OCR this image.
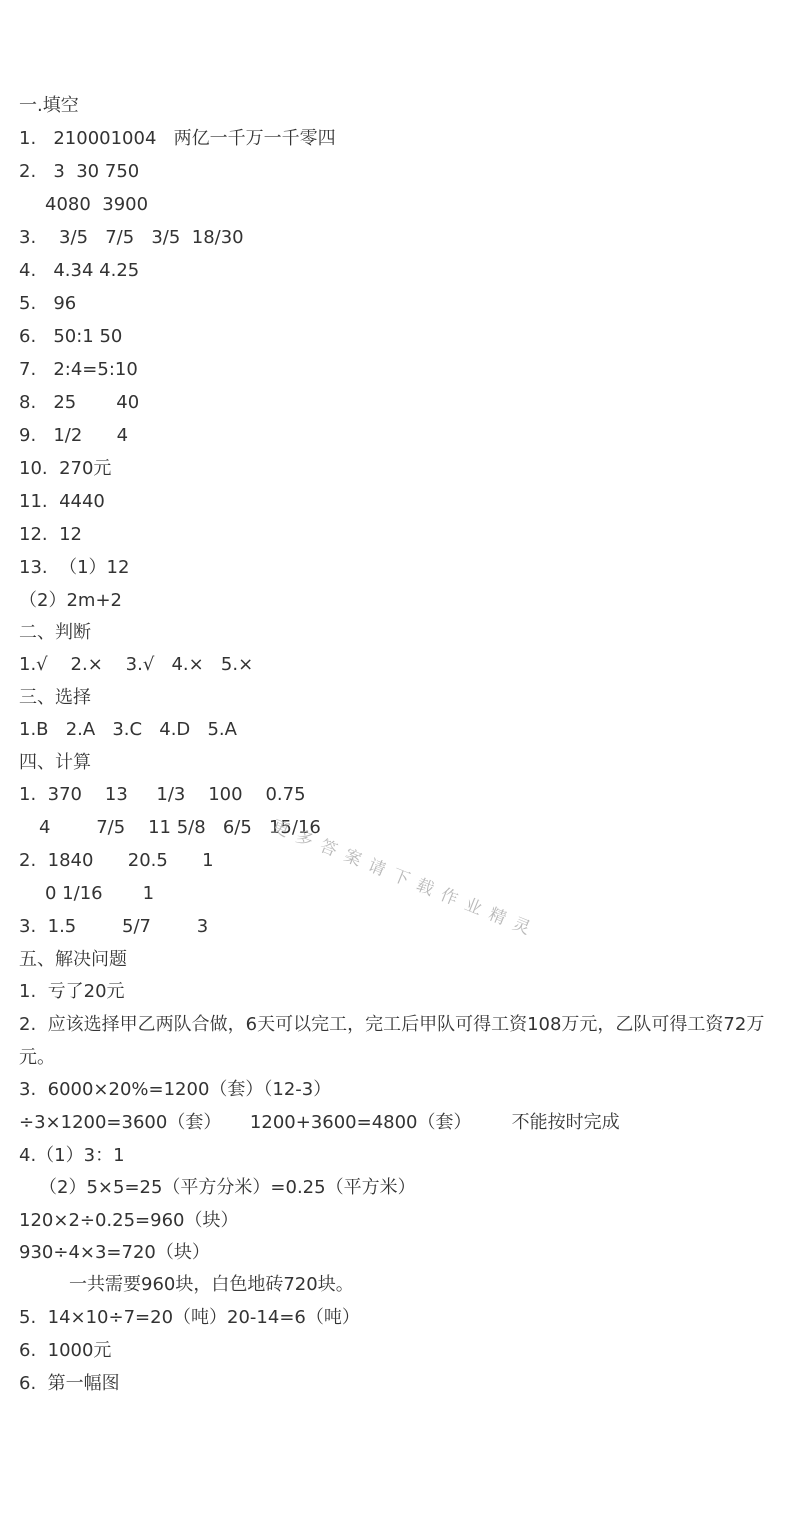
一.填空
1.   210001004   两亿一千万一千零四
2.   3  30 750
4080  3900
3.    3/5   7/5   3/5  18/30
4.   4.34 4.25
5.   96
6.   50:1 50
7.   2:4=5:10
8.   25       40
9.   1/2      4
10.  270元
11.  4440
12.  12
13.  （1）12
（2）2m+2
二、判断
1.√    2.×    3.√   4.×   5.×
三、选择
1.B   2.A   3.C   4.D   5.A
四、计算
1.  370    13     1/3    100    0.75
4        7/5    11 5/8   6/5   15/16
2.  1840      20.5      1
0 1/16       1
3.  1.5        5/7        3
五、解决问题
1.  亏了20元
2.  应该选择甲乙两队合做，6天可以完工，完工后甲队可得工资108万元，乙队可得工资72万
元。
3.  6000×20%=1200（套）（12-3）
÷3×1200=3600（套）     1200+3600=4800（套）       不能按时完成
4.（1）3：1
（2）5×5=25（平方分米）=0.25（平方米）
120×2÷0.25=960（块）
930÷4×3=720（块）
一共需要960块，白色地砖720块。
5.  14×10÷7=20（吨）20-14=6（吨）
6.  1000元
6.  第一幅图
更多答案请下载作业精灵
